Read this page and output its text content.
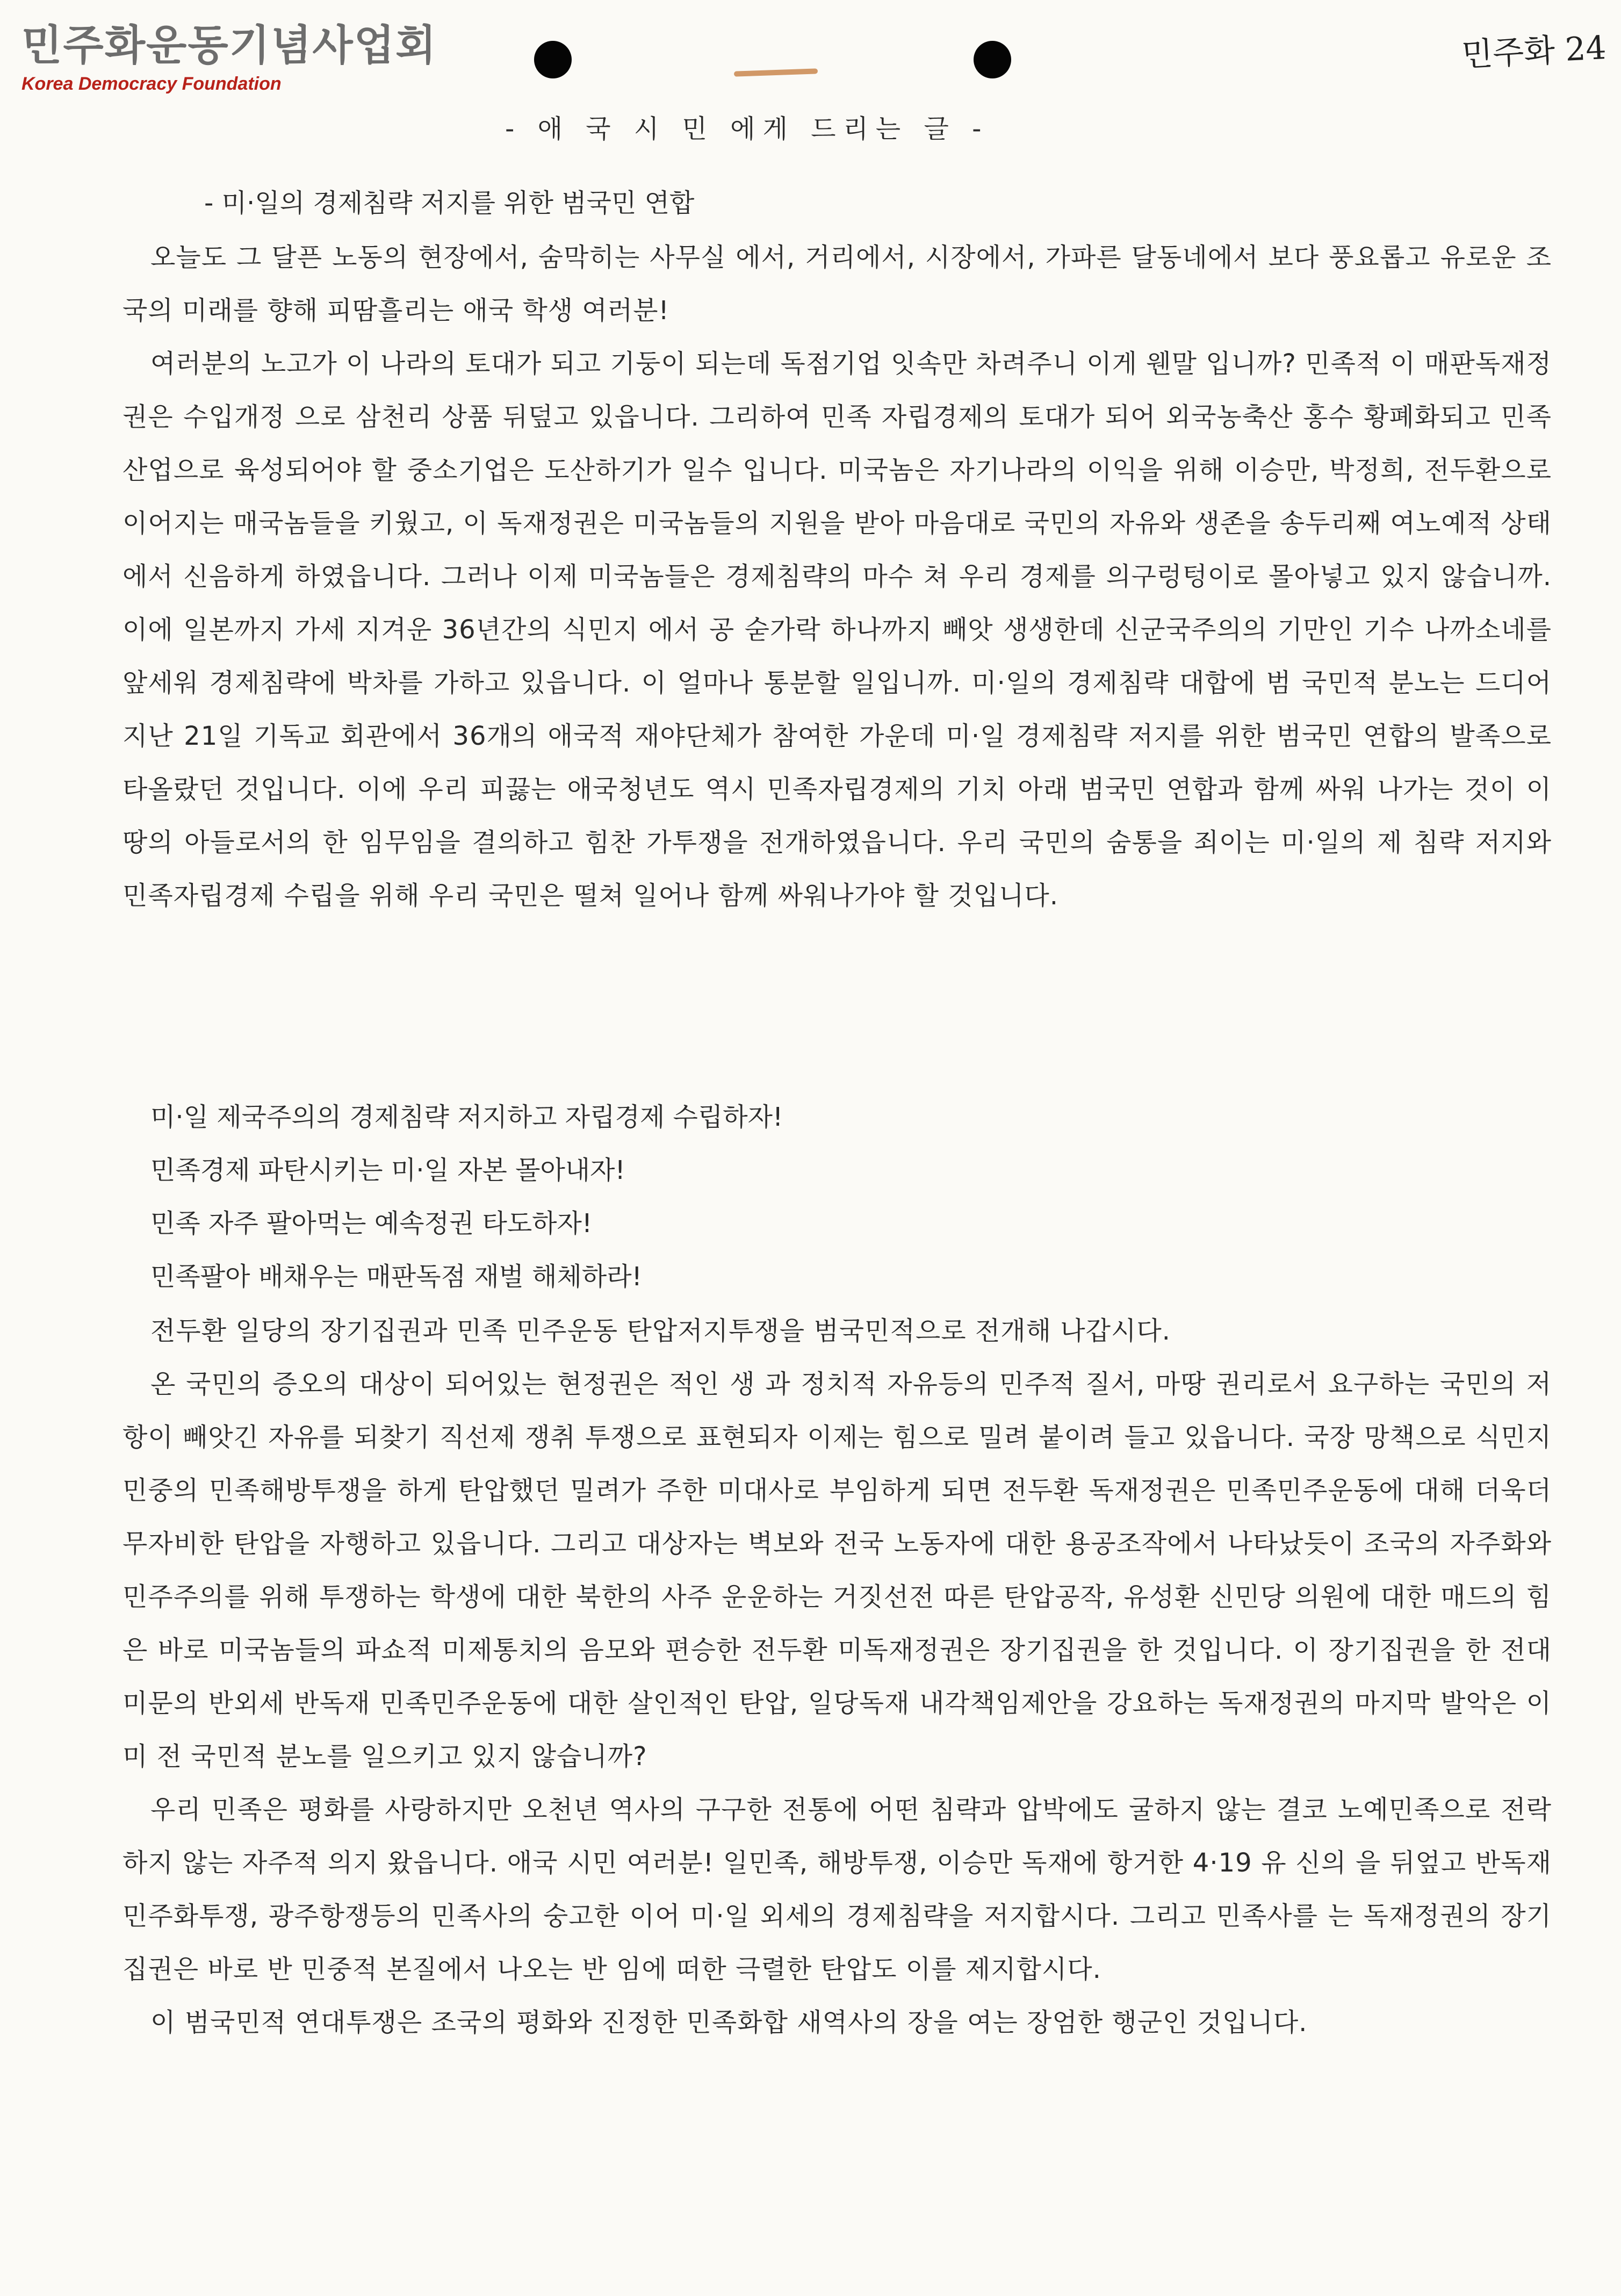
민주화운동기념사업회
Korea Democracy Foundation
민주화 24
- 애 국 시 민 에게 드리는 글 -
- 미·일의 경제침략 저지를 위한 범국민 연합

오늘도 그 달픈 노동의 현장에서, 숨막히는 사무실 에서, 거리에서, 시장에서, 가파른 달동네에서 보다 풍요롭고 유로운 조국의 미래를 향해 피땀흘리는 애국 학생 여러분!

여러분의 노고가 이 나라의 토대가 되고 기둥이 되는데 독점기업 잇속만 차려주니 이게 웬말 입니까? 민족적 이 매판독재정권은 수입개정 으로 삼천리 상품 뒤덮고 있읍니다. 그리하여 민족 자립경제의 토대가 되어 외국농축산 홍수 황폐화되고 민족 산업으로 육성되어야 할 중소기업은 도산하기가 일수 입니다. 미국놈은 자기나라의 이익을 위해 이승만, 박정희, 전두환으로 이어지는 매국놈들을 키웠고, 이 독재정권은 미국놈들의 지원을 받아 마음대로 국민의 자유와 생존을 송두리째 여노예적 상태에서 신음하게 하였읍니다. 그러나 이제 미국놈들은 경제침략의 마수 쳐 우리 경제를 의구렁텅이로 몰아넣고 있지 않습니까. 이에 일본까지 가세 지겨운 36년간의 식민지 에서 공 숟가락 하나까지 빼앗 생생한데 신군국주의의 기만인 기수 나까소네를 앞세워 경제침략에 박차를 가하고 있읍니다. 이 얼마나 통분할 일입니까. 미·일의 경제침략 대합에 범 국민적 분노는 드디어 지난 21일 기독교 회관에서 36개의 애국적 재야단체가 참여한 가운데 미·일 경제침략 저지를 위한 범국민 연합의 발족으로 타올랐던 것입니다. 이에 우리 피끓는 애국청년도 역시 민족자립경제의 기치 아래 범국민 연합과 함께 싸워 나가는 것이 이 땅의 아들로서의 한 임무임을 결의하고 힘찬 가투쟁을 전개하였읍니다. 우리 국민의 숨통을 죄이는 미·일의 제 침략 저지와 민족자립경제 수립을 위해 우리 국민은 떨쳐 일어나 함께 싸워나가야 할 것입니다.

미·일 제국주의의 경제침략 저지하고 자립경제 수립하자!
민족경제 파탄시키는 미·일 자본 몰아내자!
민족 자주 팔아먹는 예속정권 타도하자!
민족팔아 배채우는 매판독점 재벌 해체하라!

전두환 일당의 장기집권과 민족 민주운동 탄압저지투쟁을 범국민적으로 전개해 나갑시다.

온 국민의 증오의 대상이 되어있는 현정권은 적인 생 과 정치적 자유등의 민주적 질서, 마땅 권리로서 요구하는 국민의 저항이 빼앗긴 자유를 되찾기 직선제 쟁취 투쟁으로 표현되자 이제는 힘으로 밀려 붙이려 들고 있읍니다. 국장 망책으로 식민지 민중의 민족해방투쟁을 하게 탄압했던 밀려가 주한 미대사로 부임하게 되면 전두환 독재정권은 민족민주운동에 대해 더욱더 무자비한 탄압을 자행하고 있읍니다. 그리고 대상자는 벽보와 전국 노동자에 대한 용공조작에서 나타났듯이 조국의 자주화와 민주주의를 위해 투쟁하는 학생에 대한 북한의 사주 운운하는 거짓선전 따른 탄압공작, 유성환 신민당 의원에 대한 매드의 힘은 바로 미국놈들의 파쇼적 미제통치의 음모와 편승한 전두환 미독재정권은 장기집권을 한 것입니다. 이 장기집권을 한 전대미문의 반외세 반독재 민족민주운동에 대한 살인적인 탄압, 일당독재 내각책임제안을 강요하는 독재정권의 마지막 발악은 이미 전 국민적 분노를 일으키고 있지 않습니까?

우리 민족은 평화를 사랑하지만 오천년 역사의 구구한 전통에 어떤 침략과 압박에도 굴하지 않는 결코 노예민족으로 전락하지 않는 자주적 의지 왔읍니다. 애국 시민 여러분! 일민족, 해방투쟁, 이승만 독재에 항거한 4·19 유 신의 을 뒤엎고 반독재 민주화투쟁, 광주항쟁등의 민족사의 숭고한 이어 미·일 외세의 경제침략을 저지합시다. 그리고 민족사를 는 독재정권의 장기집권은 바로 반 민중적 본질에서 나오는 반 임에 떠한 극렬한 탄압도 이를 제지합시다.

이 범국민적 연대투쟁은 조국의 평화와 진정한 민족화합 새역사의 장을 여는 장엄한 행군인 것입니다.
